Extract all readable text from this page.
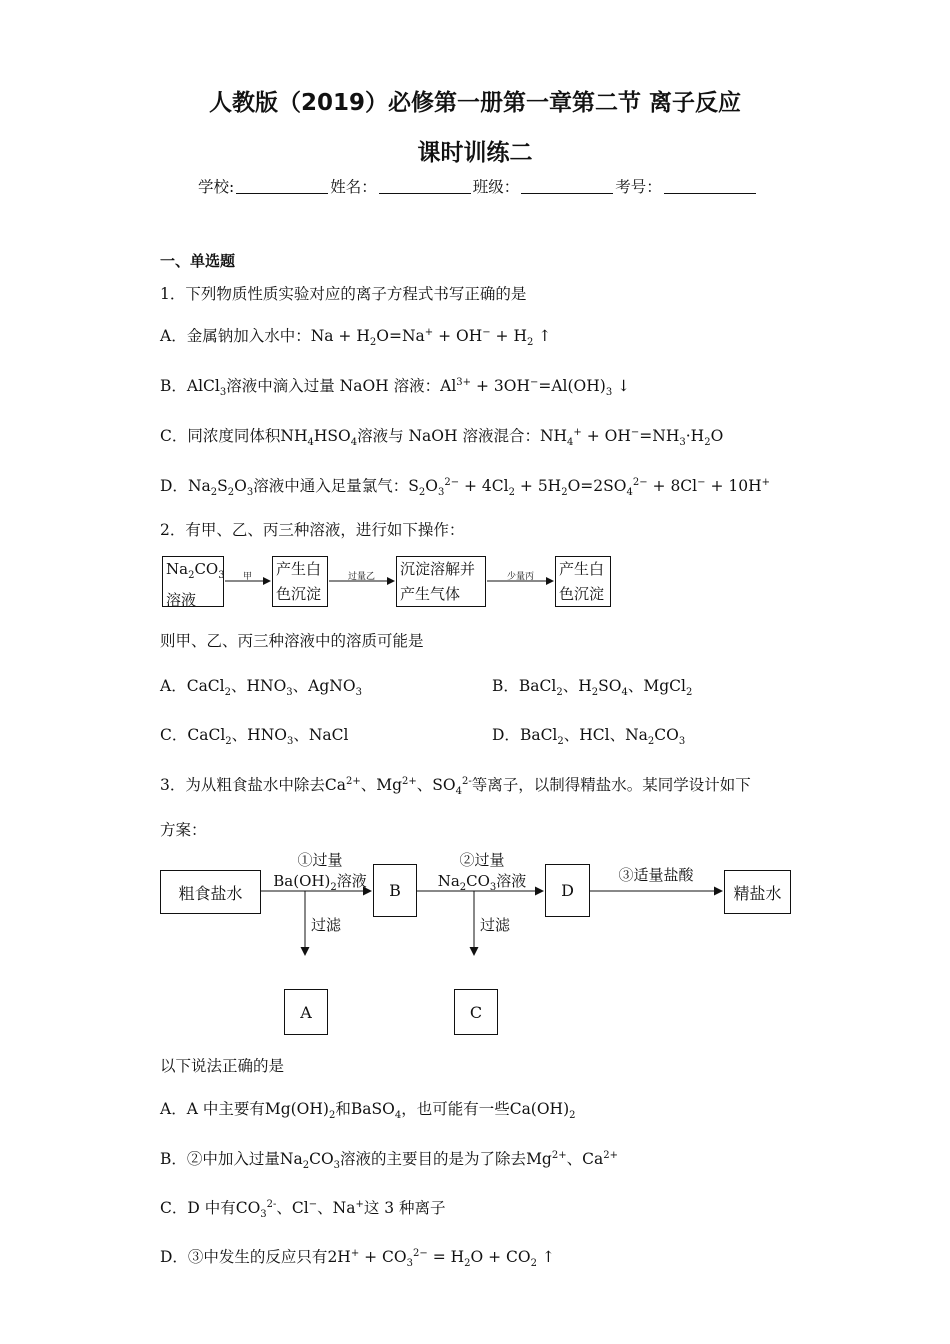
人教版（2019）必修第一册第一章第二节 离子反应
课时训练二
学校:	姓名：	班级：	考号：
一、单选题
1．下列物质性质实验对应的离子方程式书写正确的是
A．金属钠加入水中：$Na + H_2O=Na^+ + OH^- + H_2$ ↑
B．AlCl$_3$溶液中滴入过量 NaOH 溶液：$Al^{3+} + 3OH^-=Al(OH)_3$ ↓
C．同浓度同体积$NH_4HSO_4$溶液与 NaOH 溶液混合：$NH_4^+ + OH^-=NH_3\cdot H_2O$
D．$Na_2S_2O_3$溶液中通入足量氯气：$S_2O_3^{2-} + 4Cl_2 + 5H_2O=2SO_4^{2-} + 8Cl^- + 10H^+$
2．有甲、乙、丙三种溶液，进行如下操作：
$Na_2CO_3$
溶液
甲 产生白
色沉淀
过量乙 沉淀溶解并
产生气体
少量丙 产生白
色沉淀
则甲、乙、丙三种溶液中的溶质可能是
A．CaCl$_2$、$HNO_3$、AgNO$_3$	B．BaCl$_2$、$H_2SO_4$、MgCl$_2$
C．CaCl$_2$、$HNO_3$、NaCl	D．BaCl$_2$、HCl、$Na_2CO_3$
3．为从粗食盐水中除去$Ca^{2+}$、$Mg^{2+}$、$SO_4^{2-}$等离子，以制得精盐水。某同学设计如下
方案：
粗食盐水
①过量
$Ba(OH)_2$溶液	B
②过量
$Na_2CO_3$溶液	D
③适量盐酸
精盐水
过滤	过滤
A	C
以下说法正确的是
A．A 中主要有$Mg(OH)_2$和BaSO$_4$，也可能有一些$Ca(OH)_2$
B．②中加入过量$Na_2CO_3$溶液的主要目的是为了除去$Mg^{2+}$、$Ca^{2+}$
C．D 中有$CO_3^{2-}$、Cl−、Na+这 3 种离子
D．③中发生的反应只有$2H^+ + CO_3^{2-} = H_2O + CO_2$ ↑
